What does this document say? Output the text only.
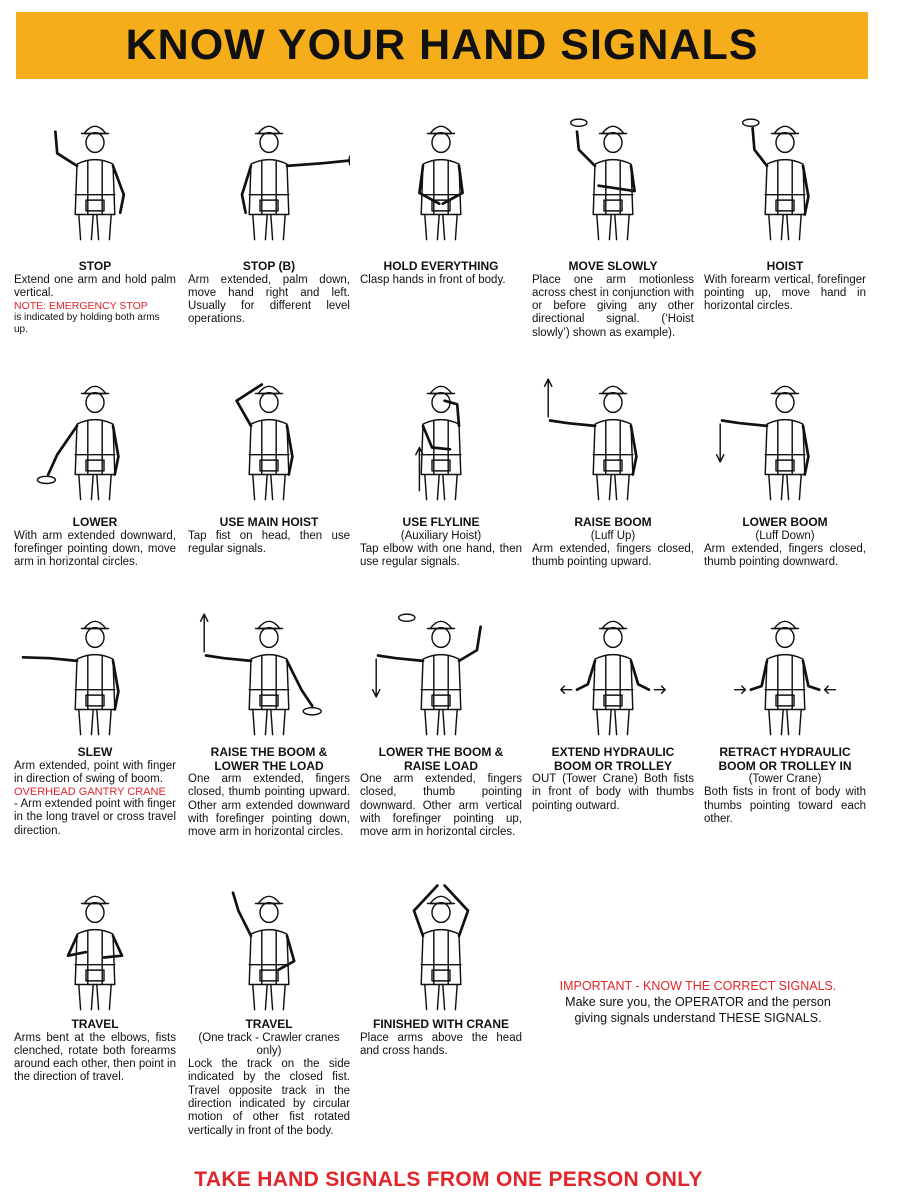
KNOW YOUR HAND SIGNALS
STOP
Extend one arm and hold palm vertical.
NOTE: EMERGENCY STOP
is indicated by holding both arms up.
STOP (B)
Arm extended, palm down, move hand right and left. Usually for different level operations.
HOLD EVERYTHING
Clasp hands in front of body.
MOVE SLOWLY
Place one arm motionless across chest in conjunction with or before giving any other directional signal. (‘Hoist slowly’) shown as example).
HOIST
With forearm vertical, forefinger pointing up, move hand in horizontal circles.
LOWER
With arm extended downward, forefinger pointing down, move arm in horizontal circles.
USE MAIN HOIST
Tap fist on head, then use regular signals.
USE FLYLINE
(Auxiliary Hoist)
Tap elbow with one hand, then use regular signals.
RAISE BOOM
(Luff Up)
Arm extended, fingers closed, thumb pointing upward.
LOWER BOOM
(Luff Down)
Arm extended, fingers closed, thumb pointing downward.
SLEW
Arm extended, point with finger in direction of swing of boom.
OVERHEAD GANTRY CRANE
- Arm extended point with finger in the long travel or cross travel direction.
RAISE THE BOOM & LOWER THE LOAD
One arm extended, fingers closed, thumb pointing upward. Other arm extended downward with forefinger pointing down, move arm in horizontal circles.
LOWER THE BOOM & RAISE LOAD
One arm extended, fingers closed, thumb pointing downward. Other arm vertical with forefinger pointing up, move arm in horizontal circles.
EXTEND HYDRAULIC BOOM OR TROLLEY
OUT (Tower Crane) Both fists in front of body with thumbs pointing outward.
RETRACT HYDRAULIC BOOM OR TROLLEY IN
(Tower Crane)
Both fists in front of body with thumbs pointing toward each other.
TRAVEL
Arms bent at the elbows, fists clenched, rotate both forearms around each other, then point in the direction of travel.
TRAVEL
(One track - Crawler cranes only)
Lock the track on the side indicated by the closed fist. Travel opposite track in the direction indicated by circular motion of other fist rotated vertically in front of the body.
FINISHED WITH CRANE
Place arms above the head and cross hands.
IMPORTANT - KNOW THE CORRECT SIGNALS.
Make sure you, the OPERATOR and the person
giving signals understand THESE SIGNALS.
TAKE HAND SIGNALS FROM ONE PERSON ONLY
